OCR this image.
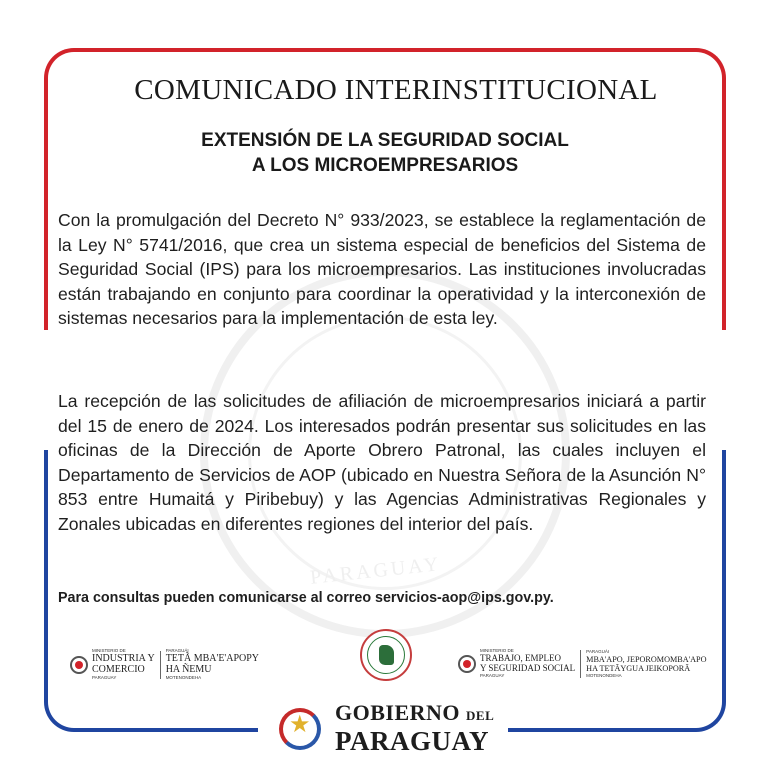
PARAGUAY
COMUNICADO INTERINSTITUCIONAL
EXTENSIÓN DE LA SEGURIDAD SOCIAL
A LOS MICROEMPRESARIOS
Con la promulgación del Decreto N° 933/2023, se establece la reglamentación de la Ley N° 5741/2016, que crea un sistema especial de beneficios del Sistema de Seguridad Social (IPS) para los microempresarios. Las instituciones involucradas están trabajando en conjunto para coordinar la operatividad y la interconexión de sistemas necesarios para la implementación de esta ley.
La recepción de las solicitudes de afiliación de microempresarios iniciará a partir del 15 de enero de 2024. Los interesados podrán presentar sus solicitudes en las oficinas de la Dirección de Aporte Obrero Patronal, las cuales incluyen el Departamento de Servicios de AOP (ubicado en Nuestra Señora de la Asunción N° 853 entre Humaitá y Piribebuy) y las Agencias Administrativas Regionales y Zonales ubicadas en diferentes regiones del interior del país.
Para consultas pueden comunicarse al correo servicios-aop@ips.gov.py.
MINISTERIO DE
INDUSTRIA Y
COMERCIO
PARAGUAY
PARAGUÁI
TETÃ MBA'E'APOPY
HA ÑEMU
MOTENONDEHA
MINISTERIO DE
TRABAJO, EMPLEO
Y SEGURIDAD SOCIAL
PARAGUAY
PARAGUÁI
MBA'APO, JEPOROMOMBA'APO
HA TETÃYGUA JEIKOPORÃ
MOTENONDEHA
★ GOBIERNO DEL
PARAGUAY
